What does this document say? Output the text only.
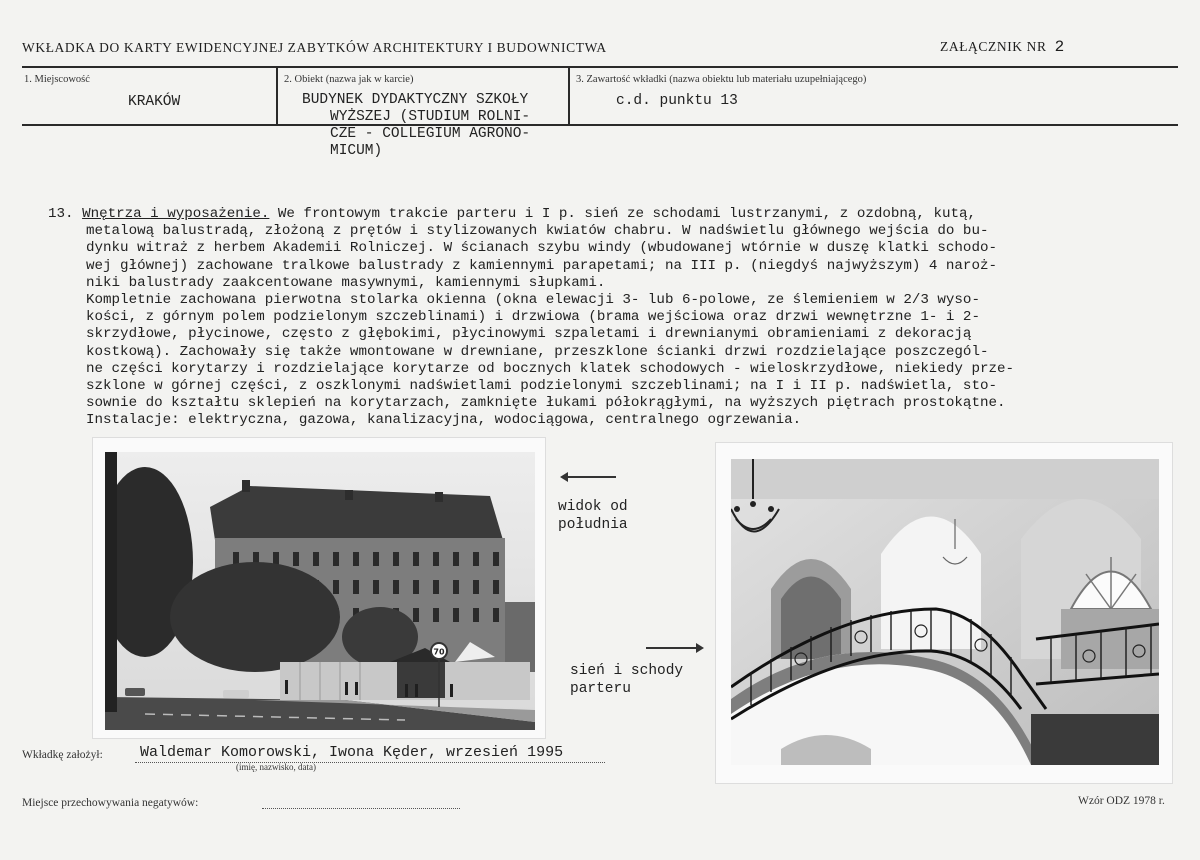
WKŁADKA DO KARTY EWIDENCYJNEJ ZABYTKÓW ARCHITEKTURY I BUDOWNICTWA	ZAŁĄCZNIK NR 2
1. Miejscowość
KRAKÓW
2. Obiekt (nazwa jak w karcie)
BUDYNEK DYDAKTYCZNY SZKOŁY
WYŻSZEJ (STUDIUM ROLNI-
CZE - COLLEGIUM AGRONO-
MICUM)
3. Zawartość wkładki (nazwa obiektu lub materiału uzupełniającego)
c.d. punktu 13
13. Wnętrza i wyposażenie. We frontowym trakcie parteru i I p. sień ze schodami lustrzanymi, z ozdobną, kutą,
metalową balustradą, złożoną z prętów i stylizowanych kwiatów chabru. W nadświetlu głównego wejścia do bu-
dynku witraż z herbem Akademii Rolniczej. W ścianach szybu windy (wbudowanej wtórnie w duszę klatki schodo-
wej głównej) zachowane tralkowe balustrady z kamiennymi parapetami; na III p. (niegdyś najwyższym) 4 naroż-
niki balustrady zaakcentowane masywnymi, kamiennymi słupkami.
Kompletnie zachowana pierwotna stolarka okienna (okna elewacji 3- lub 6-polowe, ze ślemieniem w 2/3 wyso-
kości, z górnym polem podzielonym szczeblinami) i drzwiowa (brama wejściowa oraz drzwi wewnętrzne 1- i 2-
skrzydłowe, płycinowe, często z głębokimi, płycinowymi szpaletami i drewnianymi obramieniami z dekoracją
kostkową). Zachowały się także wmontowane w drewniane, przeszklone ścianki drzwi rozdzielające poszczegól-
ne części korytarzy i rozdzielające korytarze od bocznych klatek schodowych - wieloskrzydłowe, niekiedy prze-
szklone w górnej części, z oszklonymi nadświetlami podzielonymi szczeblinami; na I i II p. nadświetla, sto-
sownie do kształtu sklepień na korytarzach, zamknięte łukami półokrągłymi, na wyższych piętrach prostokątne.
Instalacje: elektryczna, gazowa, kanalizacyjna, wodociągowa, centralnego ogrzewania.
70
widok od
południa
sień i schody
parteru
Wkładkę założył: Waldemar Komorowski, Iwona Kęder, wrzesień 1995
(imię, nazwisko, data)
Miejsce przechowywania negatywów:	Wzór ODZ 1978 r.
